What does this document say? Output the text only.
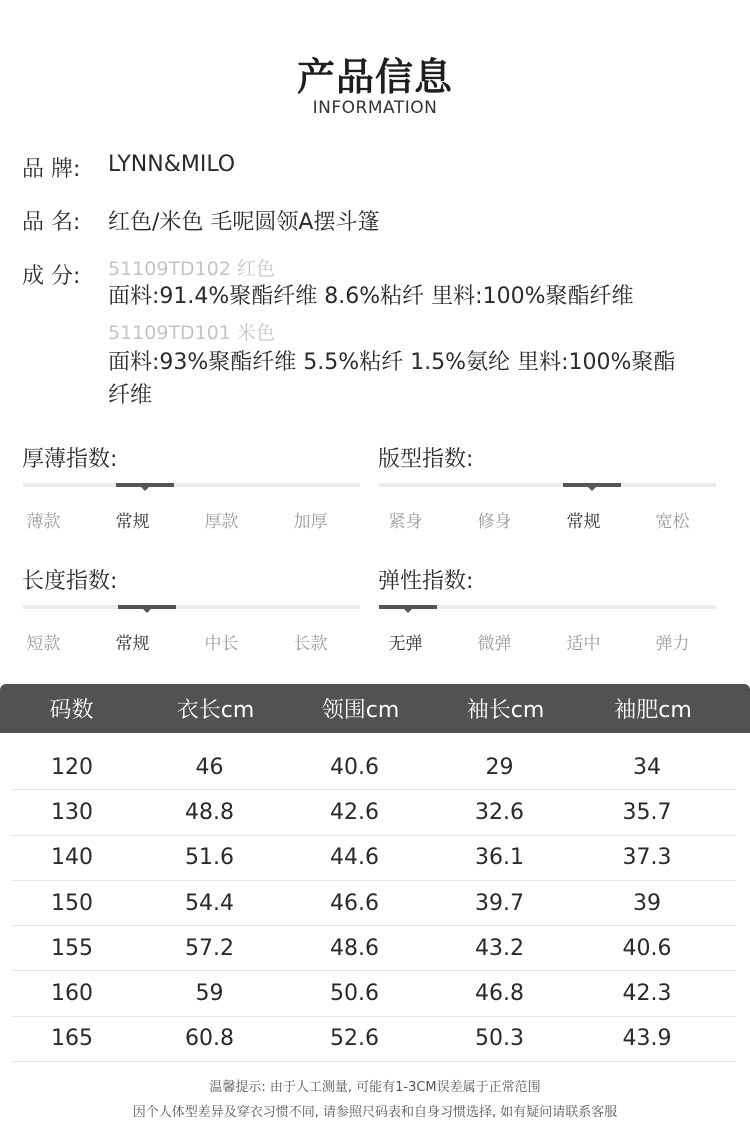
产品信息
INFORMATION
品 牌: LYNN&MILO
品 名: 红色/米色 毛呢圆领A摆斗篷
成 分: 51109TD102 红色
面料:91.4%聚酯纤维 8.6%粘纤 里料:100%聚酯纤维
51109TD101 米色
面料:93%聚酯纤维 5.5%粘纤 1.5%氨纶 里料:100%聚酯
纤维
厚薄指数:
薄款	常规	厚款	加厚
版型指数:
紧身	修身	常规	宽松
长度指数:
短款	常规	中长	长款
弹性指数:
无弹	微弹	适中	弹力
码数	衣长cm	领围cm	袖长cm	袖肥cm
120	46	40.6	29	34
130	48.8	42.6	32.6	35.7
140	51.6	44.6	36.1	37.3
150	54.4	46.6	39.7	39
155	57.2	48.6	43.2	40.6
160	59	50.6	46.8	42.3
165	60.8	52.6	50.3	43.9
温馨提示: 由于人工测量, 可能有1-3CM误差属于正常范围
因个人体型差异及穿衣习惯不同, 请参照尺码表和自身习惯选择, 如有疑问请联系客服
